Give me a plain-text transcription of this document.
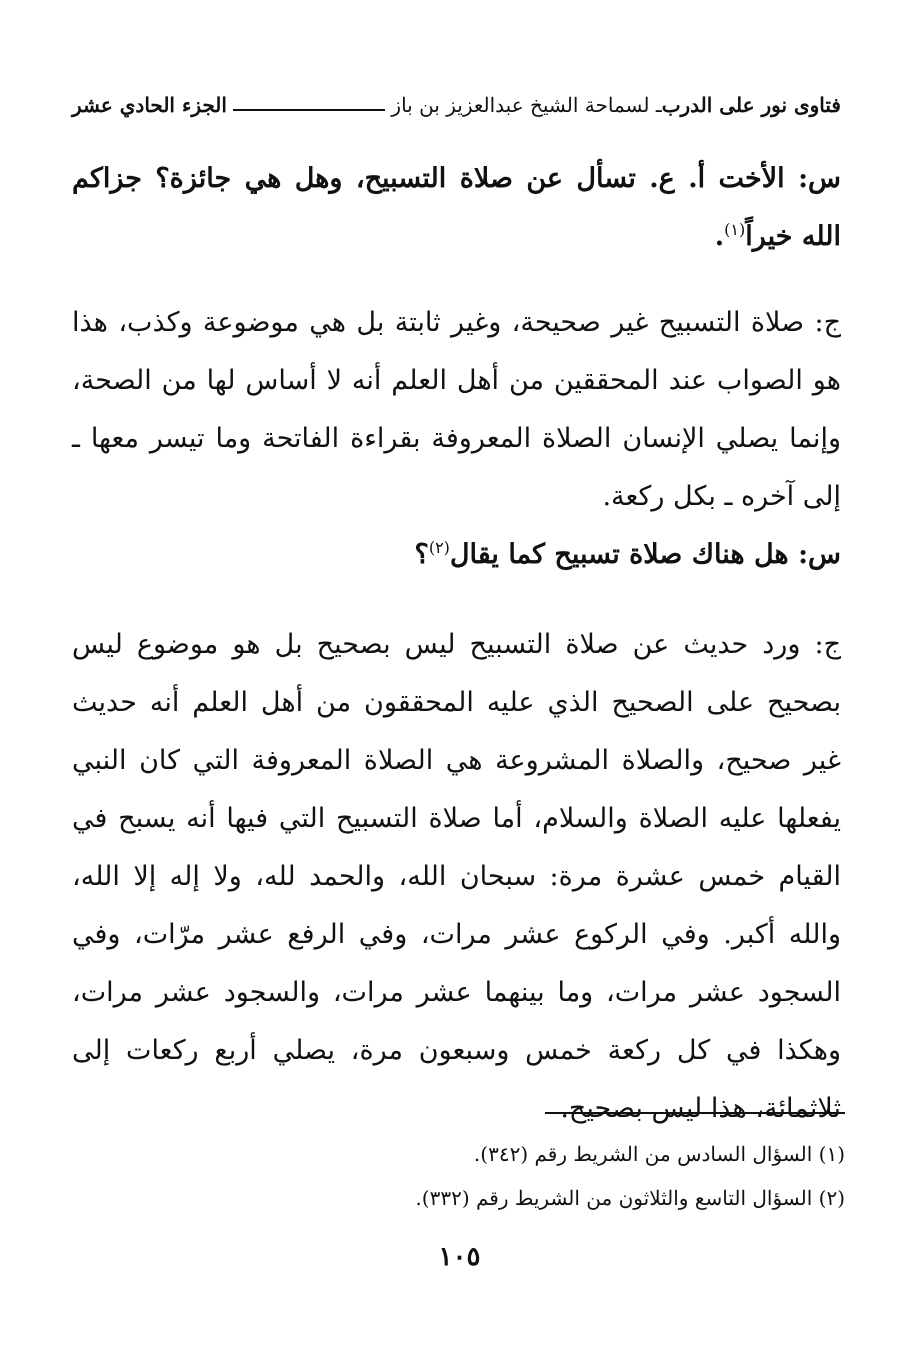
فتاوى نور على الدرب
ـ لسماحة الشيخ عبدالعزيز بن باز
الجزء الحادي عشر

س: الأخت أ. ع. تسأل عن صلاة التسبيح، وهل هي جائزة؟ جزاكم الله خيراً$^{(١)}$.

ج: صلاة التسبيح غير صحيحة، وغير ثابتة بل هي موضوعة وكذب، هذا هو الصواب عند المحققين من أهل العلم أنه لا أساس لها من الصحة، وإنما يصلي الإنسان الصلاة المعروفة بقراءة الفاتحة وما تيسر معها ـ إلى آخره ـ بكل ركعة.

س: هل هناك صلاة تسبيح كما يقال$^{(٢)}$؟

ج: ورد حديث عن صلاة التسبيح ليس بصحيح بل هو موضوع ليس بصحيح على الصحيح الذي عليه المحققون من أهل العلم أنه حديث غير صحيح، والصلاة المشروعة هي الصلاة المعروفة التي كان النبي يفعلها عليه الصلاة والسلام، أما صلاة التسبيح التي فيها أنه يسبح في القيام خمس عشرة مرة: سبحان الله، والحمد لله، ولا إله إلا الله، والله أكبر. وفي الركوع عشر مرات، وفي الرفع عشر مرّات، وفي السجود عشر مرات، وما بينهما عشر مرات، والسجود عشر مرات، وهكذا في كل ركعة خمس وسبعون مرة، يصلي أربع ركعات إلى ثلاثمائة، هذا ليس بصحيح.

(١) السؤال السادس من الشريط رقم (٣٤٢).

(٢) السؤال التاسع والثلاثون من الشريط رقم (٣٣٢).

١٠٥
